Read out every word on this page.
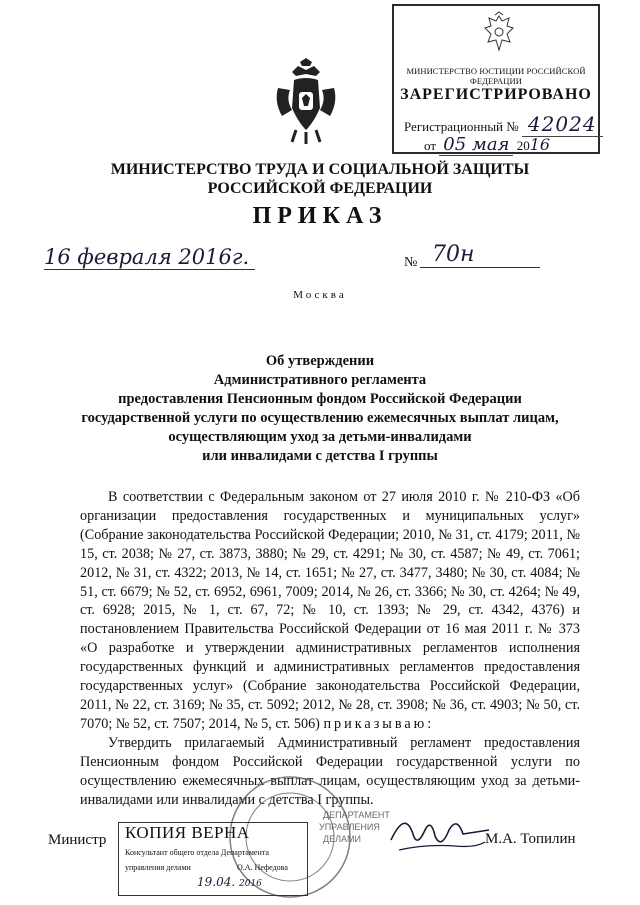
МИНИСТЕРСТВО ЮСТИЦИИ РОССИЙСКОЙ ФЕДЕРАЦИИ
ЗАРЕГИСТРИРОВАНО
Регистрационный № 42024
от 05 мая 2016
МИНИСТЕРСТВО ТРУДА И СОЦИАЛЬНОЙ ЗАЩИТЫ
РОССИЙСКОЙ ФЕДЕРАЦИИ
ПРИКАЗ
16 февраля 2016г.	№ 70н
Москва
Об утверждении
Административного регламента
предоставления Пенсионным фондом Российской Федерации
государственной услуги по осуществлению ежемесячных выплат лицам,
осуществляющим уход за детьми-инвалидами
или инвалидами с детства I группы

В соответствии с Федеральным законом от 27 июля 2010 г. № 210-ФЗ «Об организации предоставления государственных и муниципальных услуг» (Собрание законодательства Российской Федерации; 2010, № 31, ст. 4179; 2011, № 15, ст. 2038; № 27, ст. 3873, 3880; № 29, ст. 4291; № 30, ст. 4587; № 49, ст. 7061; 2012, № 31, ст. 4322; 2013, № 14, ст. 1651; № 27, ст. 3477, 3480; № 30, ст. 4084; № 51, ст. 6679; № 52, ст. 6952, 6961, 7009; 2014, № 26, ст. 3366; № 30, ст. 4264; № 49, ст. 6928; 2015, № 1, ст. 67, 72; № 10, ст. 1393; № 29, ст. 4342, 4376) и постановлением Правительства Российской Федерации от 16 мая 2011 г. № 373 «О разработке и утверждении административных регламентов исполнения государственных функций и административных регламентов предоставления государственных услуг» (Собрание законодательства Российской Федерации, 2011, № 22, ст. 3169; № 35, ст. 5092; 2012, № 28, ст. 3908; № 36, ст. 4903; № 50, ст. 7070; № 52, ст. 7507; 2014, № 5, ст. 506) приказываю:

Утвердить прилагаемый Административный регламент предоставления Пенсионным фондом Российской Федерации государственной услуги по осуществлению ежемесячных выплат лицам, осуществляющим уход за детьми-инвалидами или инвалидами с детства I группы.

ДЕПАРТАМЕНТ
УПРАВЛЕНИЯ
ДЕЛАМИ
Министр КОПИЯ ВЕРНА
Консультант общего отдела Департамента
управления делами	О.А. Нефедова
19.04. 2016
М.А. Топилин
